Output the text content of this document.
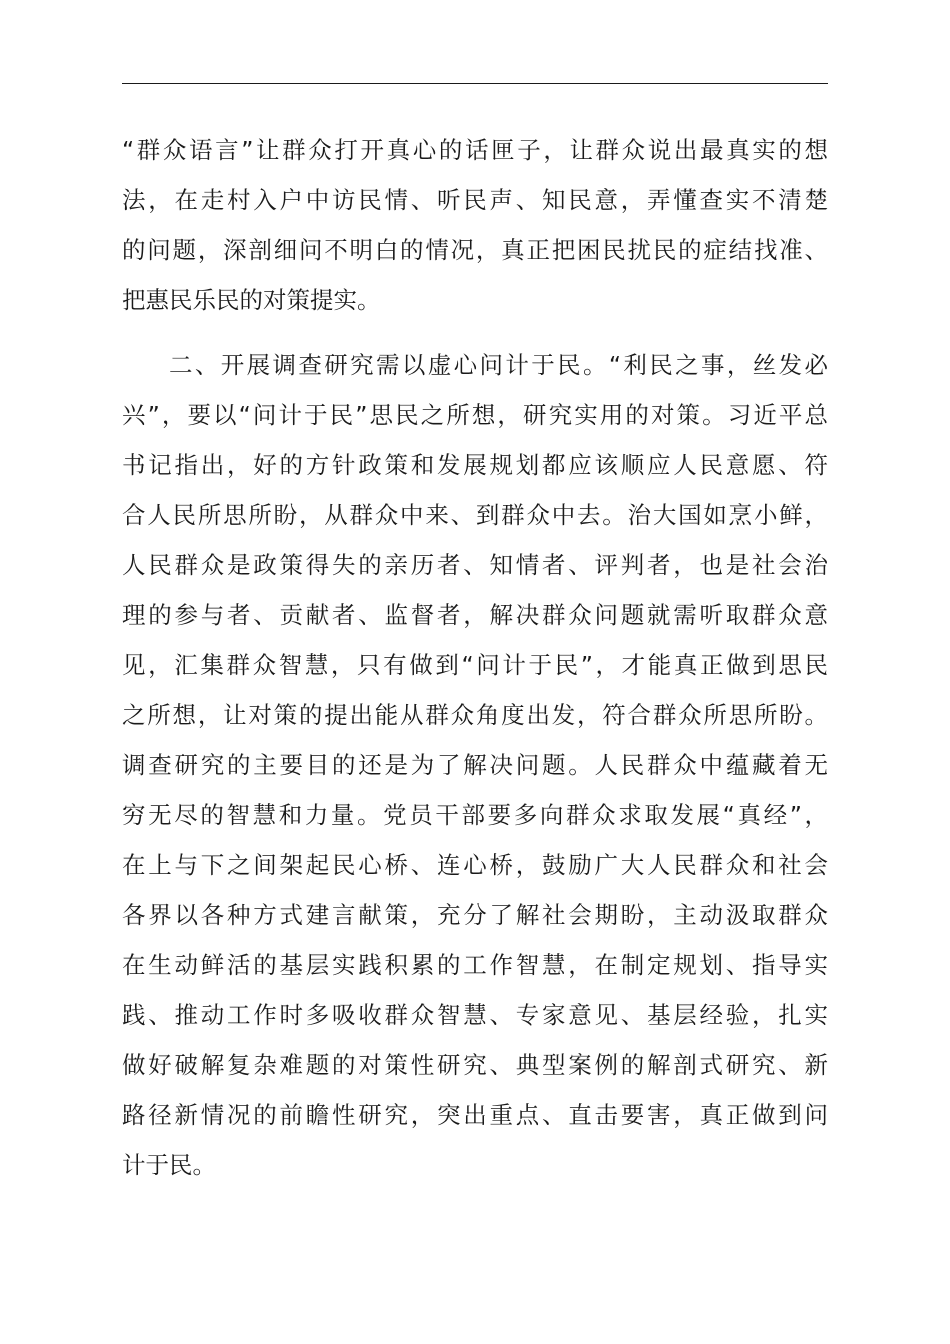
“群众语言”让群众打开真心的话匣子，让群众说出最真实的想
法，在走村入户中访民情、听民声、知民意，弄懂查实不清楚
的问题，深剖细问不明白的情况，真正把困民扰民的症结找准、
把惠民乐民的对策提实。
二、开展调查研究需以虚心问计于民。“利民之事，丝发必
兴”，要以“问计于民”思民之所想，研究实用的对策。习近平总
书记指出，好的方针政策和发展规划都应该顺应人民意愿、符
合人民所思所盼，从群众中来、到群众中去。治大国如烹小鲜，
人民群众是政策得失的亲历者、知情者、评判者，也是社会治
理的参与者、贡献者、监督者，解决群众问题就需听取群众意
见，汇集群众智慧，只有做到“问计于民”，才能真正做到思民
之所想，让对策的提出能从群众角度出发，符合群众所思所盼。
调查研究的主要目的还是为了解决问题。人民群众中蕴藏着无
穷无尽的智慧和力量。党员干部要多向群众求取发展“真经”，
在上与下之间架起民心桥、连心桥，鼓励广大人民群众和社会
各界以各种方式建言献策，充分了解社会期盼，主动汲取群众
在生动鲜活的基层实践积累的工作智慧，在制定规划、指导实
践、推动工作时多吸收群众智慧、专家意见、基层经验，扎实
做好破解复杂难题的对策性研究、典型案例的解剖式研究、新
路径新情况的前瞻性研究，突出重点、直击要害，真正做到问
计于民。
